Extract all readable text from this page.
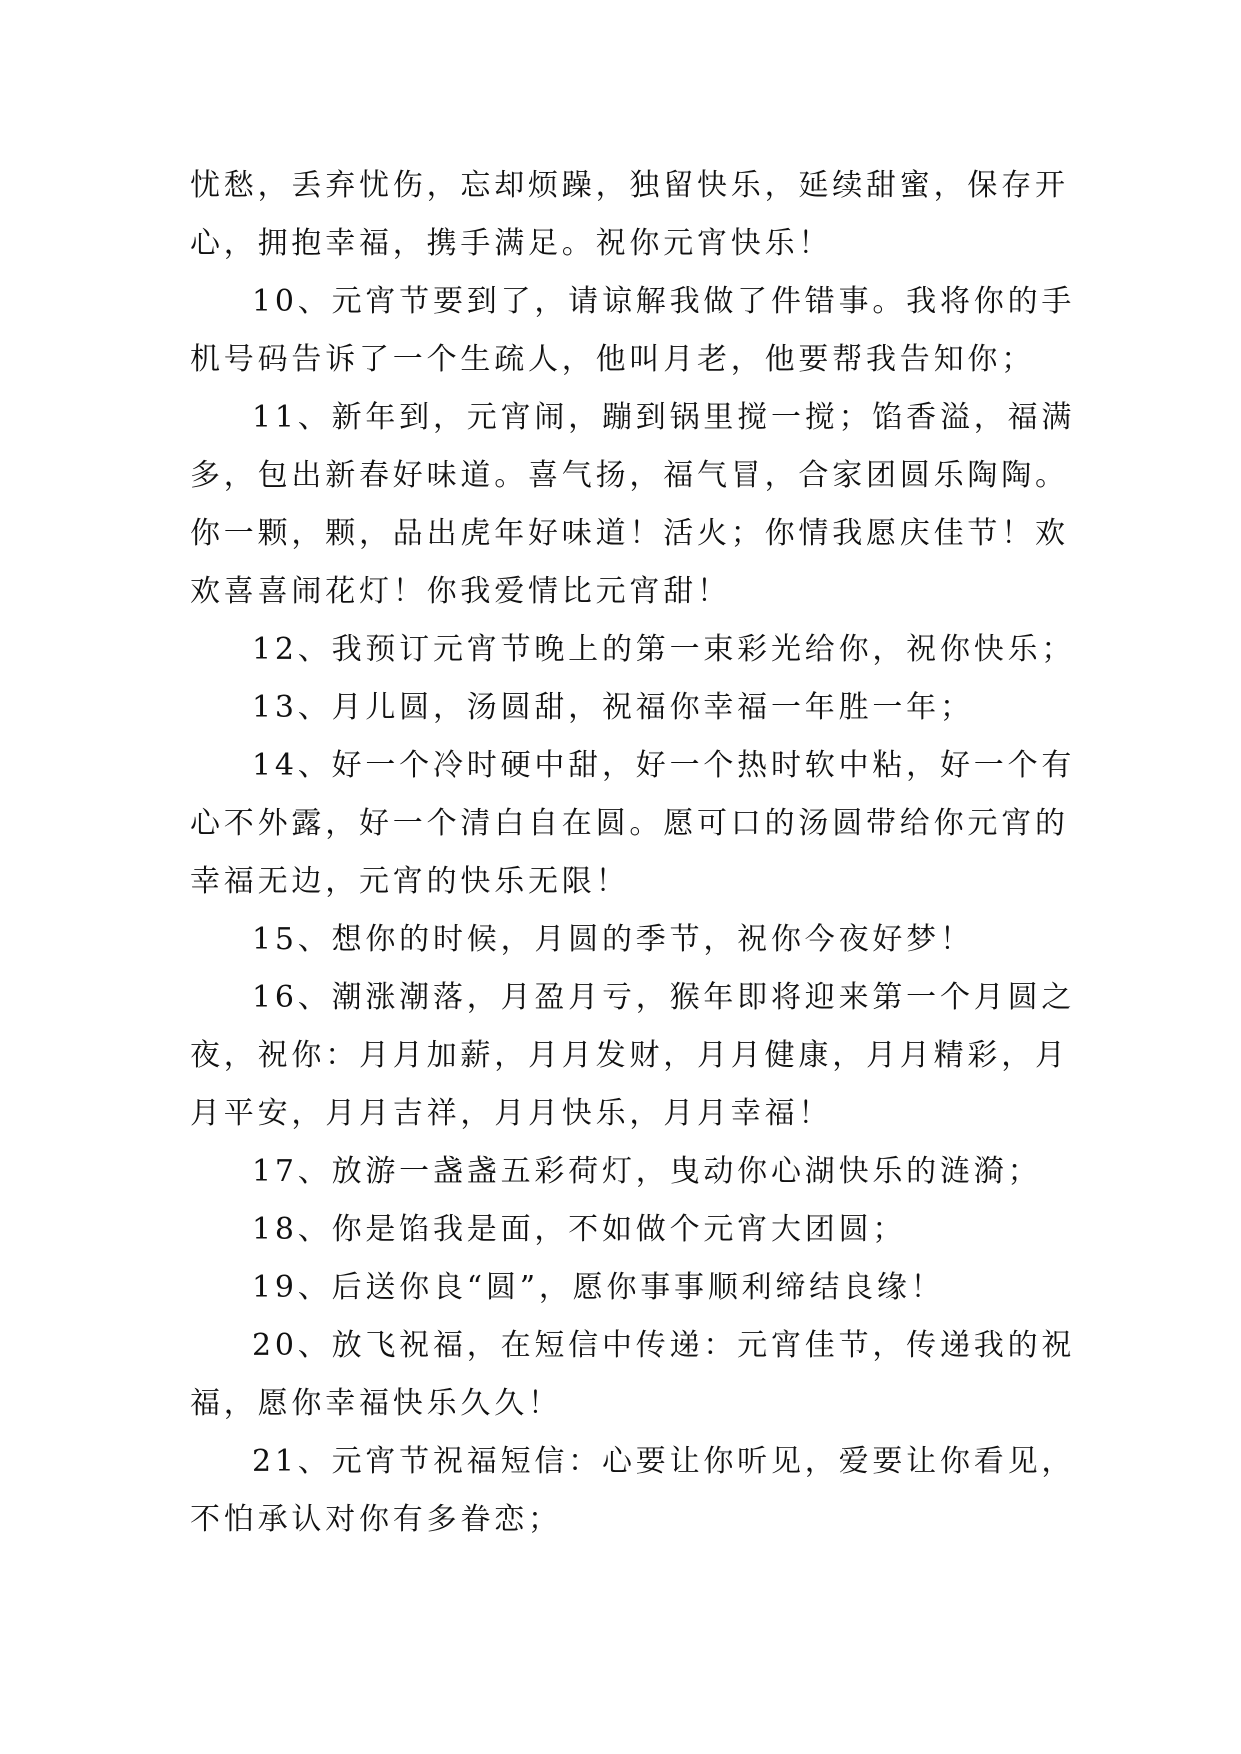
忧愁，丢弃忧伤，忘却烦躁，独留快乐，延续甜蜜，保存开
心，拥抱幸福，携手满足。祝你元宵快乐！

10、元宵节要到了，请谅解我做了件错事。我将你的手
机号码告诉了一个生疏人，他叫月老，他要帮我告知你；

11、新年到，元宵闹，蹦到锅里搅一搅；馅香溢，福满
多，包出新春好味道。喜气扬，福气冒，合家团圆乐陶陶。
你一颗，颗，品出虎年好味道！活火；你情我愿庆佳节！欢
欢喜喜闹花灯！你我爱情比元宵甜！

12、我预订元宵节晚上的第一束彩光给你，祝你快乐；

13、月儿圆，汤圆甜，祝福你幸福一年胜一年；

14、好一个冷时硬中甜，好一个热时软中粘，好一个有
心不外露，好一个清白自在圆。愿可口的汤圆带给你元宵的
幸福无边，元宵的快乐无限！

15、想你的时候，月圆的季节，祝你今夜好梦！

16、潮涨潮落，月盈月亏，猴年即将迎来第一个月圆之
夜，祝你：月月加薪，月月发财，月月健康，月月精彩，月
月平安，月月吉祥，月月快乐，月月幸福！

17、放游一盏盏五彩荷灯，曳动你心湖快乐的涟漪；

18、你是馅我是面，不如做个元宵大团圆；

19、后送你良“圆”，愿你事事顺利缔结良缘！

20、放飞祝福，在短信中传递：元宵佳节，传递我的祝
福，愿你幸福快乐久久！

21、元宵节祝福短信：心要让你听见，爱要让你看见，
不怕承认对你有多眷恋；
